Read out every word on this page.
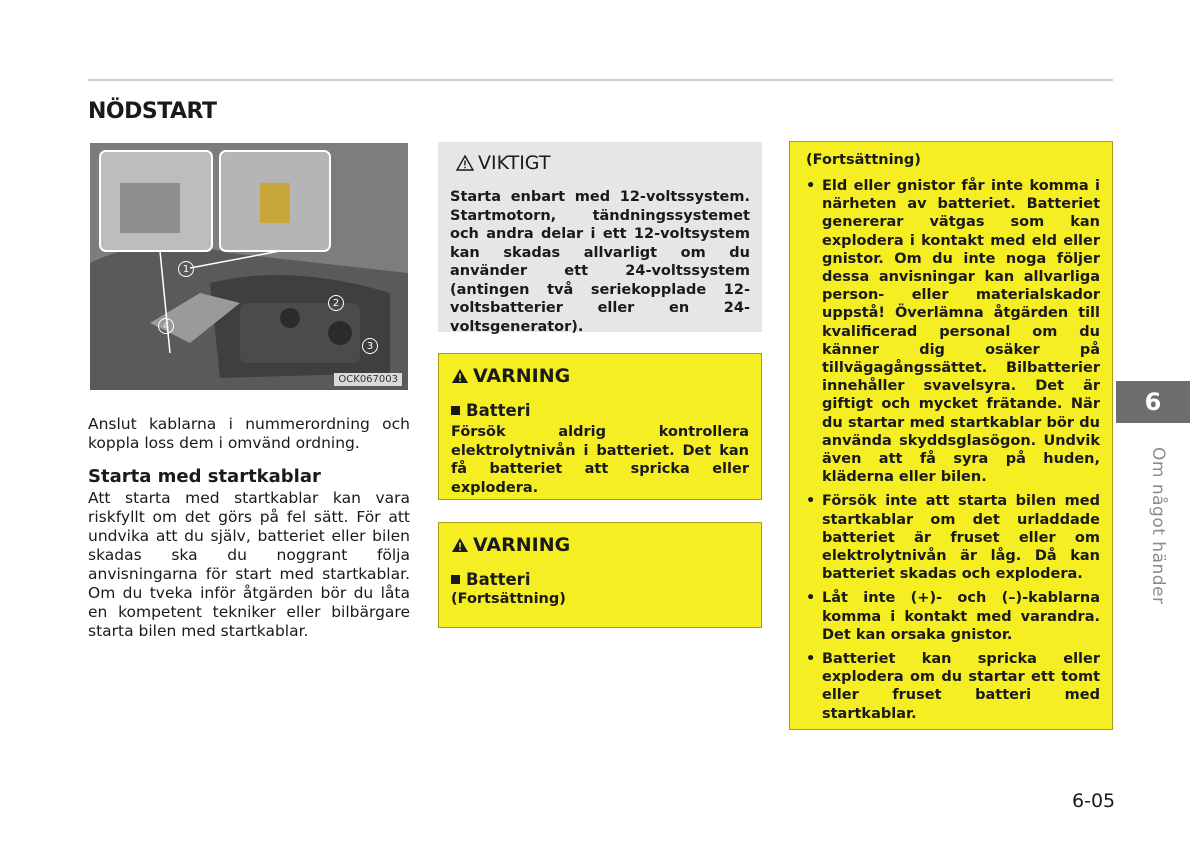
NÖDSTART
1
2
3
4
OCK067003

Anslut kablarna i nummerordning och koppla loss dem i omvänd ordning.

Starta med startkablar

Att starta med startkablar kan vara riskfyllt om det görs på fel sätt. För att undvika att du själv, batteriet eller bilen skadas ska du noggrant följa anvisningarna för start med startkablar. Om du tveka inför åtgärden bör du låta en kompetent tekniker eller bilbärgare starta bilen med startkablar.

VIKTIGT
Starta enbart med 12-voltssystem. Startmotorn, tändningssystemet och andra delar i ett 12-voltsystem kan skadas allvarligt om du använder ett 24-voltssystem (antingen två seriekopplade 12-voltsbatterier eller en 24-voltsgenerator).
VARNING
Batteri
Försök aldrig kontrollera elektrolytnivån i batteriet. Det kan få batteriet att spricka eller explodera.
VARNING
Batteri
(Fortsättning)

(Fortsättning)

• Eld eller gnistor får inte komma i närheten av batteriet. Batteriet genererar vätgas som kan explodera i kontakt med eld eller gnistor. Om du inte noga följer dessa anvisningar kan allvarliga person- eller materialskador uppstå! Överlämna åtgärden till kvalificerad personal om du känner dig osäker på tillvägagångssättet. Bilbatterier innehåller svavelsyra. Det är giftigt och mycket frätande. När du startar med startkablar bör du använda skyddsglasögon. Undvik även att få syra på huden, kläderna eller bilen.
• Försök inte att starta bilen med startkablar om det urladdade batteriet är fruset eller om elektrolytnivån är låg. Då kan batteriet skadas och explodera.
• Låt inte (+)- och (–)-kablarna komma i kontakt med varandra. Det kan orsaka gnistor.
• Batteriet kan spricka eller explodera om du startar ett tomt eller fruset batteri med startkablar.
6
Om något händer
6-05
